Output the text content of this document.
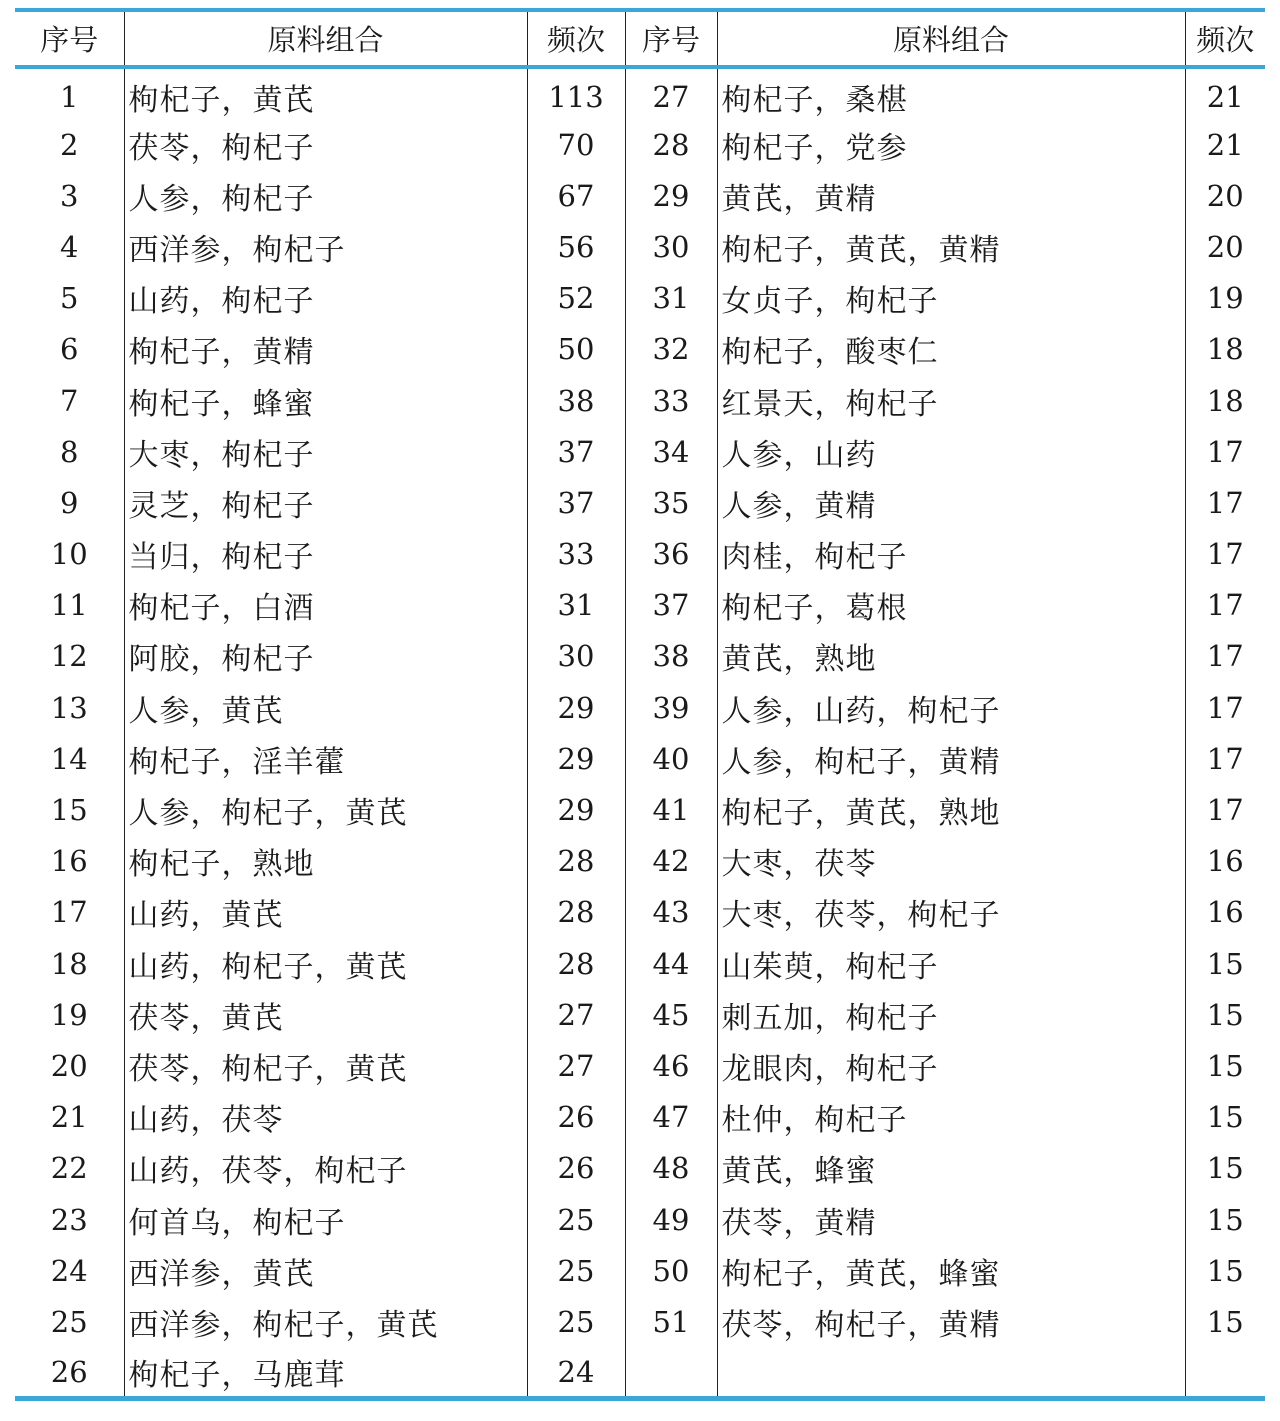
序号	原料组合	频次	序号	原料组合	频次
1	枸杞子，黄芪	113	27	枸杞子，桑椹	21
2	茯苓，枸杞子	70	28	枸杞子，党参	21
3	人参，枸杞子	67	29	黄芪，黄精	20
4	西洋参，枸杞子	56	30	枸杞子，黄芪，黄精	20
5	山药，枸杞子	52	31	女贞子，枸杞子	19
6	枸杞子，黄精	50	32	枸杞子，酸枣仁	18
7	枸杞子，蜂蜜	38	33	红景天，枸杞子	18
8	大枣，枸杞子	37	34	人参，山药	17
9	灵芝，枸杞子	37	35	人参，黄精	17
10	当归，枸杞子	33	36	肉桂，枸杞子	17
11	枸杞子，白酒	31	37	枸杞子，葛根	17
12	阿胶，枸杞子	30	38	黄芪，熟地	17
13	人参，黄芪	29	39	人参，山药，枸杞子	17
14	枸杞子，淫羊藿	29	40	人参，枸杞子，黄精	17
15	人参，枸杞子，黄芪	29	41	枸杞子，黄芪，熟地	17
16	枸杞子，熟地	28	42	大枣，茯苓	16
17	山药，黄芪	28	43	大枣，茯苓，枸杞子	16
18	山药，枸杞子，黄芪	28	44	山茱萸，枸杞子	15
19	茯苓，黄芪	27	45	刺五加，枸杞子	15
20	茯苓，枸杞子，黄芪	27	46	龙眼肉，枸杞子	15
21	山药，茯苓	26	47	杜仲，枸杞子	15
22	山药，茯苓，枸杞子	26	48	黄芪，蜂蜜	15
23	何首乌，枸杞子	25	49	茯苓，黄精	15
24	西洋参，黄芪	25	50	枸杞子，黄芪，蜂蜜	15
25	西洋参，枸杞子，黄芪	25	51	茯苓，枸杞子，黄精	15
26	枸杞子，马鹿茸	24			
